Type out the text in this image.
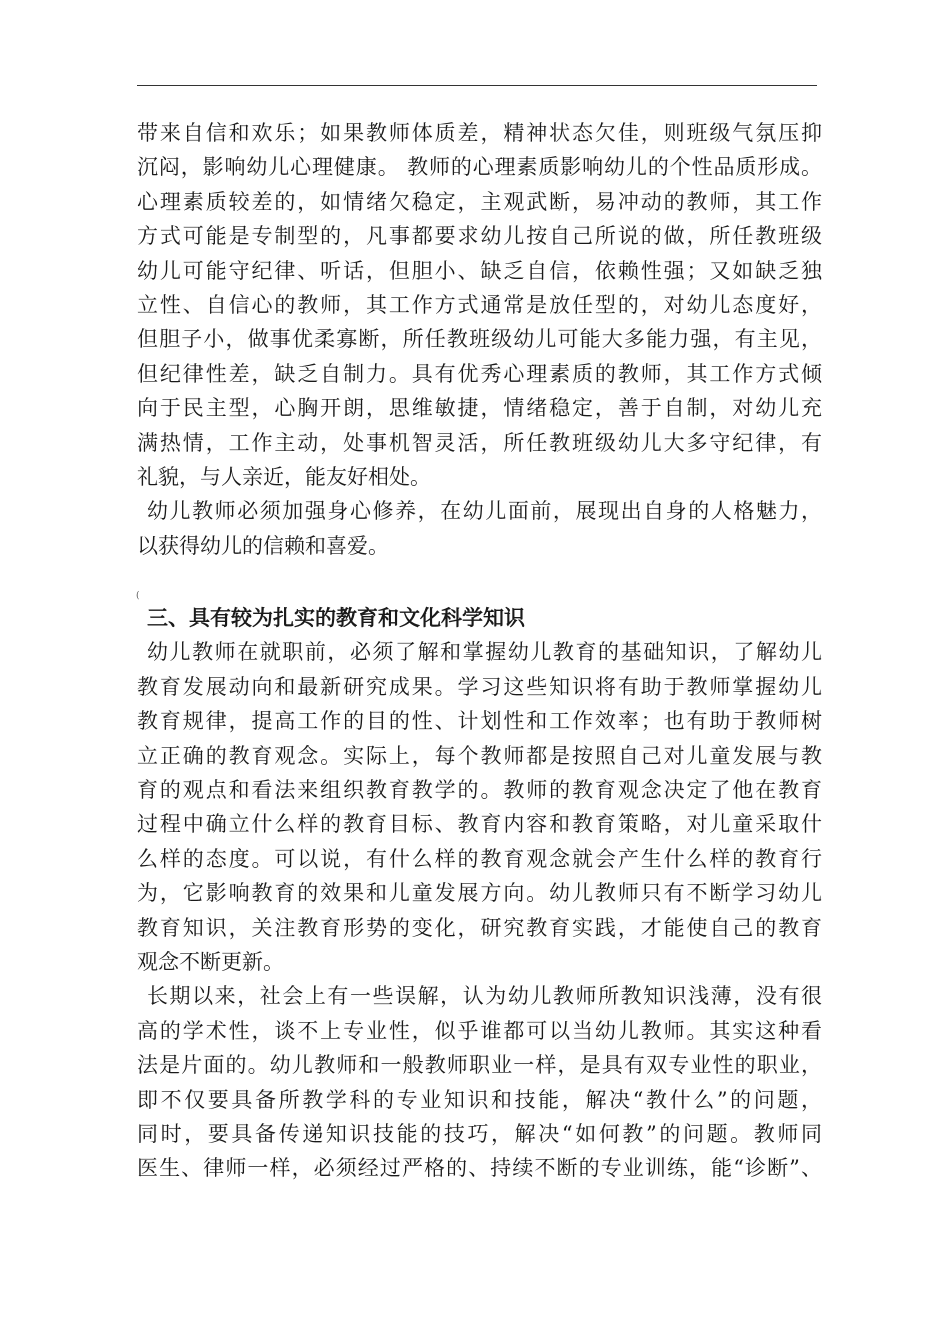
(
带来自信和欢乐；如果教师体质差，精神状态欠佳，则班级气氛压抑
沉闷，影响幼儿心理健康。 教师的心理素质影响幼儿的个性品质形成。
心理素质较差的，如情绪欠稳定，主观武断，易冲动的教师，其工作
方式可能是专制型的，凡事都要求幼儿按自己所说的做，所任教班级
幼儿可能守纪律、听话，但胆小、缺乏自信，依赖性强；又如缺乏独
立性、自信心的教师，其工作方式通常是放任型的，对幼儿态度好，
但胆子小，做事优柔寡断，所任教班级幼儿可能大多能力强，有主见，
但纪律性差，缺乏自制力。具有优秀心理素质的教师，其工作方式倾
向于民主型，心胸开朗，思维敏捷，情绪稳定，善于自制，对幼儿充
满热情，工作主动，处事机智灵活，所任教班级幼儿大多守纪律，有
礼貌，与人亲近，能友好相处。
幼儿教师必须加强身心修养，在幼儿面前，展现出自身的人格魅力，
以获得幼儿的信赖和喜爱。
三、具有较为扎实的教育和文化科学知识
幼儿教师在就职前，必须了解和掌握幼儿教育的基础知识，了解幼儿
教育发展动向和最新研究成果。学习这些知识将有助于教师掌握幼儿
教育规律，提高工作的目的性、计划性和工作效率；也有助于教师树
立正确的教育观念。实际上，每个教师都是按照自己对儿童发展与教
育的观点和看法来组织教育教学的。教师的教育观念决定了他在教育
过程中确立什么样的教育目标、教育内容和教育策略，对儿童采取什
么样的态度。可以说，有什么样的教育观念就会产生什么样的教育行
为，它影响教育的效果和儿童发展方向。幼儿教师只有不断学习幼儿
教育知识，关注教育形势的变化，研究教育实践，才能使自己的教育
观念不断更新。
长期以来，社会上有一些误解，认为幼儿教师所教知识浅薄，没有很
高的学术性，谈不上专业性，似乎谁都可以当幼儿教师。其实这种看
法是片面的。幼儿教师和一般教师职业一样，是具有双专业性的职业，
即不仅要具备所教学科的专业知识和技能，解决“教什么”的问题，
同时，要具备传递知识技能的技巧，解决“如何教”的问题。教师同
医生、律师一样，必须经过严格的、持续不断的专业训练，能“诊断”、
